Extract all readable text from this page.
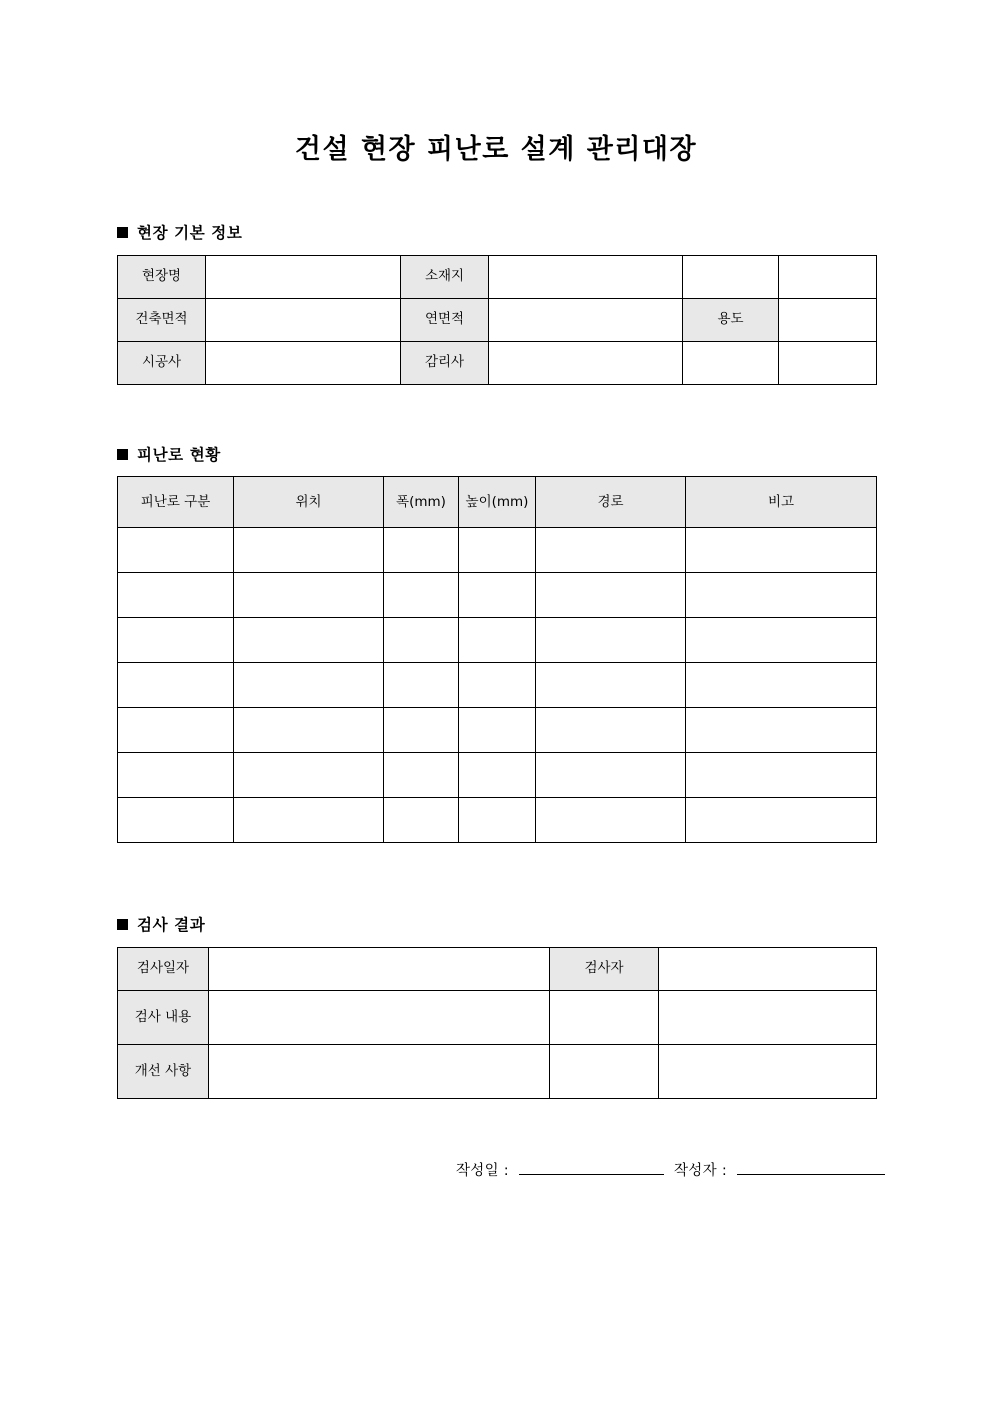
건설 현장 피난로 설계 관리대장
현장 기본 정보
현장명		소재지			
건축면적		연면적		용도	
시공사		감리사			
피난로 현황
피난로 구분	위치	폭(mm)	높이(mm)	경로	비고

검사 결과
검사일자		검사자	
검사 내용			
개선 사항			
작성일 :	작성자 :
